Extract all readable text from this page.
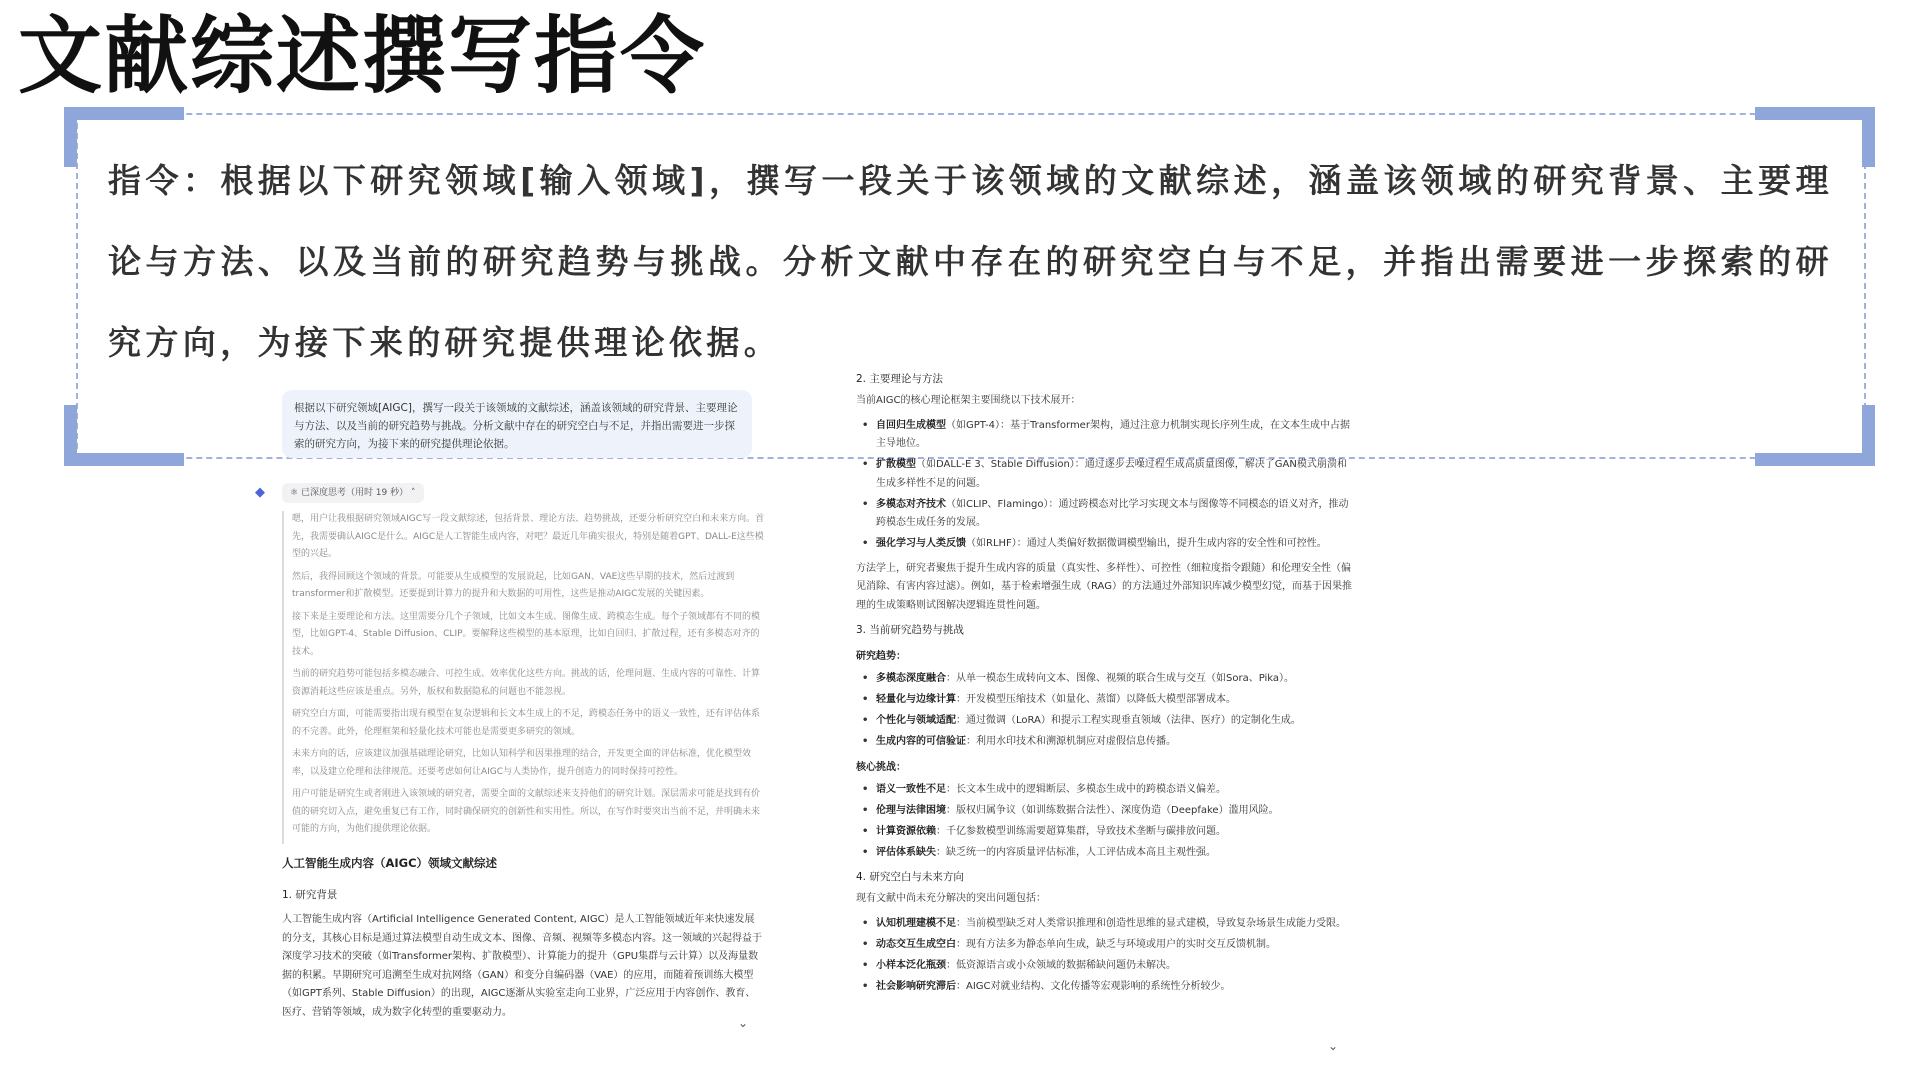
文献综述撰写指令
指令：根据以下研究领域[输入领域]，撰写一段关于该领域的文献综述，涵盖该领域的研究背景、主要理论与方法、以及当前的研究趋势与挑战。分析文献中存在的研究空白与不足，并指出需要进一步探索的研究方向，为接下来的研究提供理论依据。
根据以下研究领域[AIGC]，撰写一段关于该领域的文献综述，涵盖该领域的研究背景、主要理论与方法、以及当前的研究趋势与挑战。分析文献中存在的研究空白与不足，并指出需要进一步探索的研究方向，为接下来的研究提供理论依据。
◆	⚛ 已深度思考（用时 19 秒） ˄

嗯，用户让我根据研究领域AIGC写一段文献综述，包括背景、理论方法、趋势挑战，还要分析研究空白和未来方向。首先，我需要确认AIGC是什么。AIGC是人工智能生成内容，对吧？最近几年确实很火，特别是随着GPT、DALL-E这些模型的兴起。

然后，我得回顾这个领域的背景。可能要从生成模型的发展说起，比如GAN、VAE这些早期的技术，然后过渡到transformer和扩散模型。还要提到计算力的提升和大数据的可用性，这些是推动AIGC发展的关键因素。

接下来是主要理论和方法。这里需要分几个子领域，比如文本生成、图像生成、跨模态生成。每个子领域都有不同的模型，比如GPT-4、Stable Diffusion、CLIP。要解释这些模型的基本原理，比如自回归、扩散过程，还有多模态对齐的技术。

当前的研究趋势可能包括多模态融合、可控生成、效率优化这些方向。挑战的话，伦理问题、生成内容的可靠性、计算资源消耗这些应该是重点。另外，版权和数据隐私的问题也不能忽视。

研究空白方面，可能需要指出现有模型在复杂逻辑和长文本生成上的不足，跨模态任务中的语义一致性，还有评估体系的不完善。此外，伦理框架和轻量化技术可能也是需要更多研究的领域。

未来方向的话，应该建议加强基础理论研究，比如认知科学和因果推理的结合，开发更全面的评估标准，优化模型效率，以及建立伦理和法律规范。还要考虑如何让AIGC与人类协作，提升创造力的同时保持可控性。

用户可能是研究生或者刚进入该领域的研究者，需要全面的文献综述来支持他们的研究计划。深层需求可能是找到有价值的研究切入点，避免重复已有工作，同时确保研究的创新性和实用性。所以，在写作时要突出当前不足，并明确未来可能的方向，为他们提供理论依据。

人工智能生成内容（AIGC）领域文献综述
1. 研究背景
人工智能生成内容（Artificial Intelligence Generated Content, AIGC）是人工智能领域近年来快速发展的分支，其核心目标是通过算法模型自动生成文本、图像、音频、视频等多模态内容。这一领域的兴起得益于深度学习技术的突破（如Transformer架构、扩散模型）、计算能力的提升（GPU集群与云计算）以及海量数据的积累。早期研究可追溯至生成对抗网络（GAN）和变分自编码器（VAE）的应用，而随着预训练大模型（如GPT系列、Stable Diffusion）的出现，AIGC逐渐从实验室走向工业界，广泛应用于内容创作、教育、医疗、营销等领域，成为数字化转型的重要驱动力。
⌄
2. 主要理论与方法
当前AIGC的核心理论框架主要围绕以下技术展开：
• 自回归生成模型（如GPT-4）：基于Transformer架构，通过注意力机制实现长序列生成，在文本生成中占据主导地位。
• 扩散模型（如DALL-E 3、Stable Diffusion）：通过逐步去噪过程生成高质量图像，解决了GAN模式崩溃和生成多样性不足的问题。
• 多模态对齐技术（如CLIP、Flamingo）：通过跨模态对比学习实现文本与图像等不同模态的语义对齐，推动跨模态生成任务的发展。
• 强化学习与人类反馈（如RLHF）：通过人类偏好数据微调模型输出，提升生成内容的安全性和可控性。
方法学上，研究者聚焦于提升生成内容的质量（真实性、多样性）、可控性（细粒度指令跟随）和伦理安全性（偏见消除、有害内容过滤）。例如，基于检索增强生成（RAG）的方法通过外部知识库减少模型幻觉，而基于因果推理的生成策略则试图解决逻辑连贯性问题。
3. 当前研究趋势与挑战
研究趋势：
• 多模态深度融合：从单一模态生成转向文本、图像、视频的联合生成与交互（如Sora、Pika）。
• 轻量化与边缘计算：开发模型压缩技术（如量化、蒸馏）以降低大模型部署成本。
• 个性化与领域适配：通过微调（LoRA）和提示工程实现垂直领域（法律、医疗）的定制化生成。
• 生成内容的可信验证：利用水印技术和溯源机制应对虚假信息传播。
核心挑战：
• 语义一致性不足：长文本生成中的逻辑断层、多模态生成中的跨模态语义偏差。
• 伦理与法律困境：版权归属争议（如训练数据合法性）、深度伪造（Deepfake）滥用风险。
• 计算资源依赖：千亿参数模型训练需要超算集群，导致技术垄断与碳排放问题。
• 评估体系缺失：缺乏统一的内容质量评估标准，人工评估成本高且主观性强。
4. 研究空白与未来方向
现有文献中尚未充分解决的突出问题包括：
• 认知机理建模不足：当前模型缺乏对人类常识推理和创造性思维的显式建模，导致复杂场景生成能力受限。
• 动态交互生成空白：现有方法多为静态单向生成，缺乏与环境或用户的实时交互反馈机制。
• 小样本泛化瓶颈：低资源语言或小众领域的数据稀缺问题仍未解决。
• 社会影响研究滞后：AIGC对就业结构、文化传播等宏观影响的系统性分析较少。
⌄
